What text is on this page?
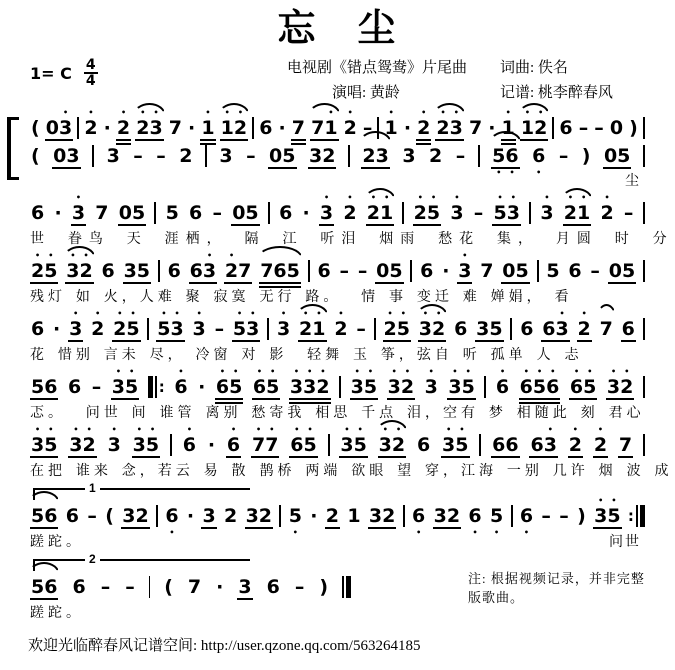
忘　尘
1= C $\frac{4}{4}$	电视剧《错点鸳鸯》片尾曲 词曲: 佚名
演唱: 黄龄	记谱: 桃李醉春风
( 0• 3 • 2 · • 2 • 2• 3 7 · • 1 • 1• 2 6 · 7 7• 1 • 2 – • 1 · • 2 • 2• 3 7 · • 1 • 1• 2 6 – – 0 )
( 03 3 – – 2 3 – 05 32 23 3 2 – 5 •6 • 6 • – ) 05
尘
6 · • 3 7 05 5 6 – 05 6 · • 3 • 2 • 2• 1 • 2• 5 • 3 – • 5• 3 • 3 • 2• 1 • 2 –
世 眷鸟 天 涯栖， 隔 江 听泪 烟雨 愁花 集， 月圆 时 分
• 2• 5 • 3• 2 6 35 6 6• 3 • 27 765 6 – – 05 6 · • 3 7 05 5 6 – 05
残灯 如 火，人难 聚 寂寞 无行 路。  情 事 变迁 难 婵娟， 看
6 · • 3 • 2 • 2• 5 • 5• 3 • 3 – • 5• 3 • 3 • 2• 1 • 2 – • 2• 5 • 3• 2 6 35 6 6• 3 • 2 7 6
花 惜别 言未 尽， 冷窗 对 影  轻舞 玉 筝，弦自 听 孤单 人 忐
56 6 – • 3• 5 : • 6 · • 6• 5 • 6• 5 • 3• 3• 2 • 3• 5 • 3• 2 • 3 • 3• 5 • 6 • 6• 5• 6 • 6• 5 • 3• 2
忑。  问世 间 谁管 离别 愁寄我 相思 千点 泪，空有 梦 相随此 刻 君心
• 3• 5 • 3• 2 • 3 • 3• 5 • 6 · • 6 • 7• 7 • 6• 5 • 3• 5 • 3• 2 6 • 3• 5 66 6• 3 • 2 • 2 7
在把 谁来 念，若云 易 散 鹊桥 两端 欲眼 望 穿，江海 一别 几许 烟 波 成
1
56 6 – ( 32 6 • · 3 2 32 5 • · 2 1 32 6 • 32 6 • 5 • 6 • – – ) • 3• 5 :
蹉跎。	问世
2
56 6 – – ( 7 · 3 6 – )	注: 根据视频记录，并非完整版歌曲。
蹉跎。
欢迎光临醉春风记谱空间: http://user.qzone.qq.com/563264185
